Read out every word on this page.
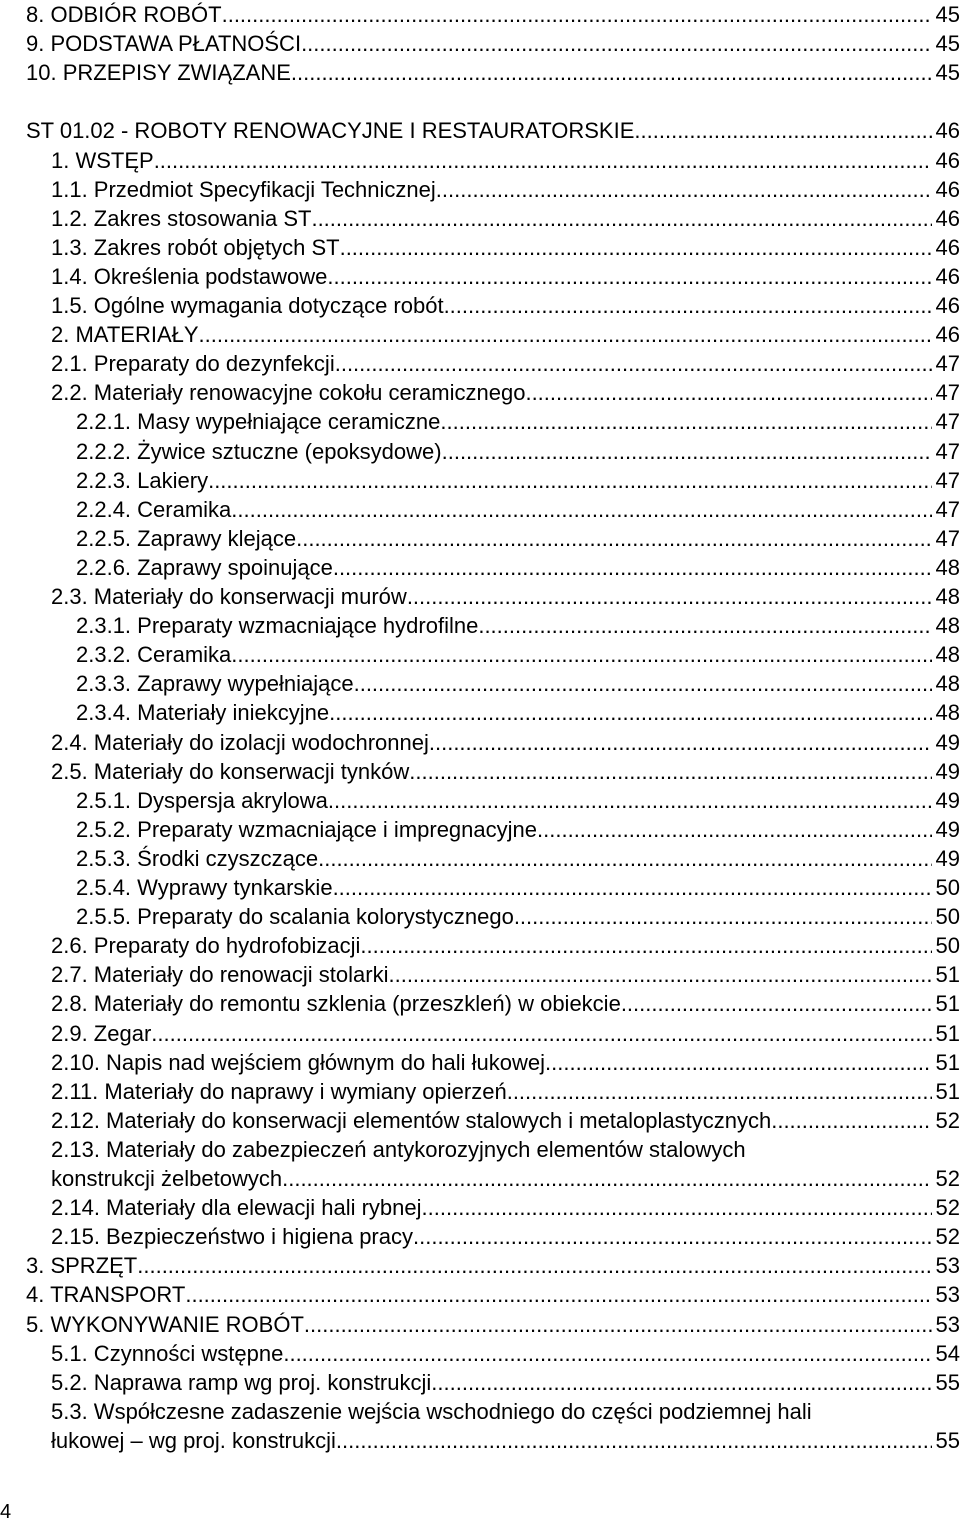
8. ODBIÓR ROBÓT .....	45
9. PODSTAWA PŁATNOŚCI .....	45
10. PRZEPISY ZWIĄZANE .....	45
ST 01.02 - ROBOTY RENOWACYJNE I RESTAURATORSKIE .....	46
1. WSTĘP .....	46
1.1. Przedmiot Specyfikacji Technicznej .....	46
1.2. Zakres stosowania ST .....	46
1.3. Zakres robót objętych ST .....	46
1.4. Określenia podstawowe .....	46
1.5. Ogólne wymagania dotyczące robót .....	46
2. MATERIAŁY .....	46
2.1. Preparaty do dezynfekcji .....	47
2.2. Materiały renowacyjne cokołu ceramicznego .....	47
2.2.1. Masy wypełniające ceramiczne .....	47
2.2.2. Żywice sztuczne (epoksydowe) .....	47
2.2.3. Lakiery .....	47
2.2.4. Ceramika .....	47
2.2.5. Zaprawy klejące .....	47
2.2.6. Zaprawy spoinujące .....	48
2.3. Materiały do konserwacji murów .....	48
2.3.1. Preparaty wzmacniające hydrofilne .....	48
2.3.2. Ceramika .....	48
2.3.3. Zaprawy wypełniające .....	48
2.3.4. Materiały iniekcyjne .....	48
2.4. Materiały do izolacji wodochronnej .....	49
2.5. Materiały do konserwacji tynków .....	49
2.5.1. Dyspersja akrylowa .....	49
2.5.2. Preparaty wzmacniające i impregnacyjne .....	49
2.5.3. Środki czyszczące .....	49
2.5.4. Wyprawy tynkarskie .....	50
2.5.5. Preparaty do scalania kolorystycznego .....	50
2.6. Preparaty do hydrofobizacji .....	50
2.7. Materiały do renowacji stolarki .....	51
2.8. Materiały do remontu szklenia (przeszkleń) w obiekcie .....	51
2.9. Zegar .....	51
2.10. Napis nad wejściem głównym do hali łukowej .....	51
2.11. Materiały do naprawy i wymiany opierzeń .....	51
2.12. Materiały do konserwacji elementów stalowych i metaloplastycznych .....	52
2.13. Materiały do zabezpieczeń antykorozyjnych elementów stalowych
konstrukcji żelbetowych .....	52
2.14. Materiały dla elewacji hali rybnej .....	52
2.15. Bezpieczeństwo i higiena pracy .....	52
3. SPRZĘT .....	53
4. TRANSPORT .....	53
5. WYKONYWANIE ROBÓT .....	53
5.1. Czynności wstępne .....	54
5.2. Naprawa ramp wg proj. konstrukcji .....	55
5.3. Współczesne zadaszenie wejścia wschodniego do części podziemnej hali
łukowej – wg proj. konstrukcji .....	55
4
